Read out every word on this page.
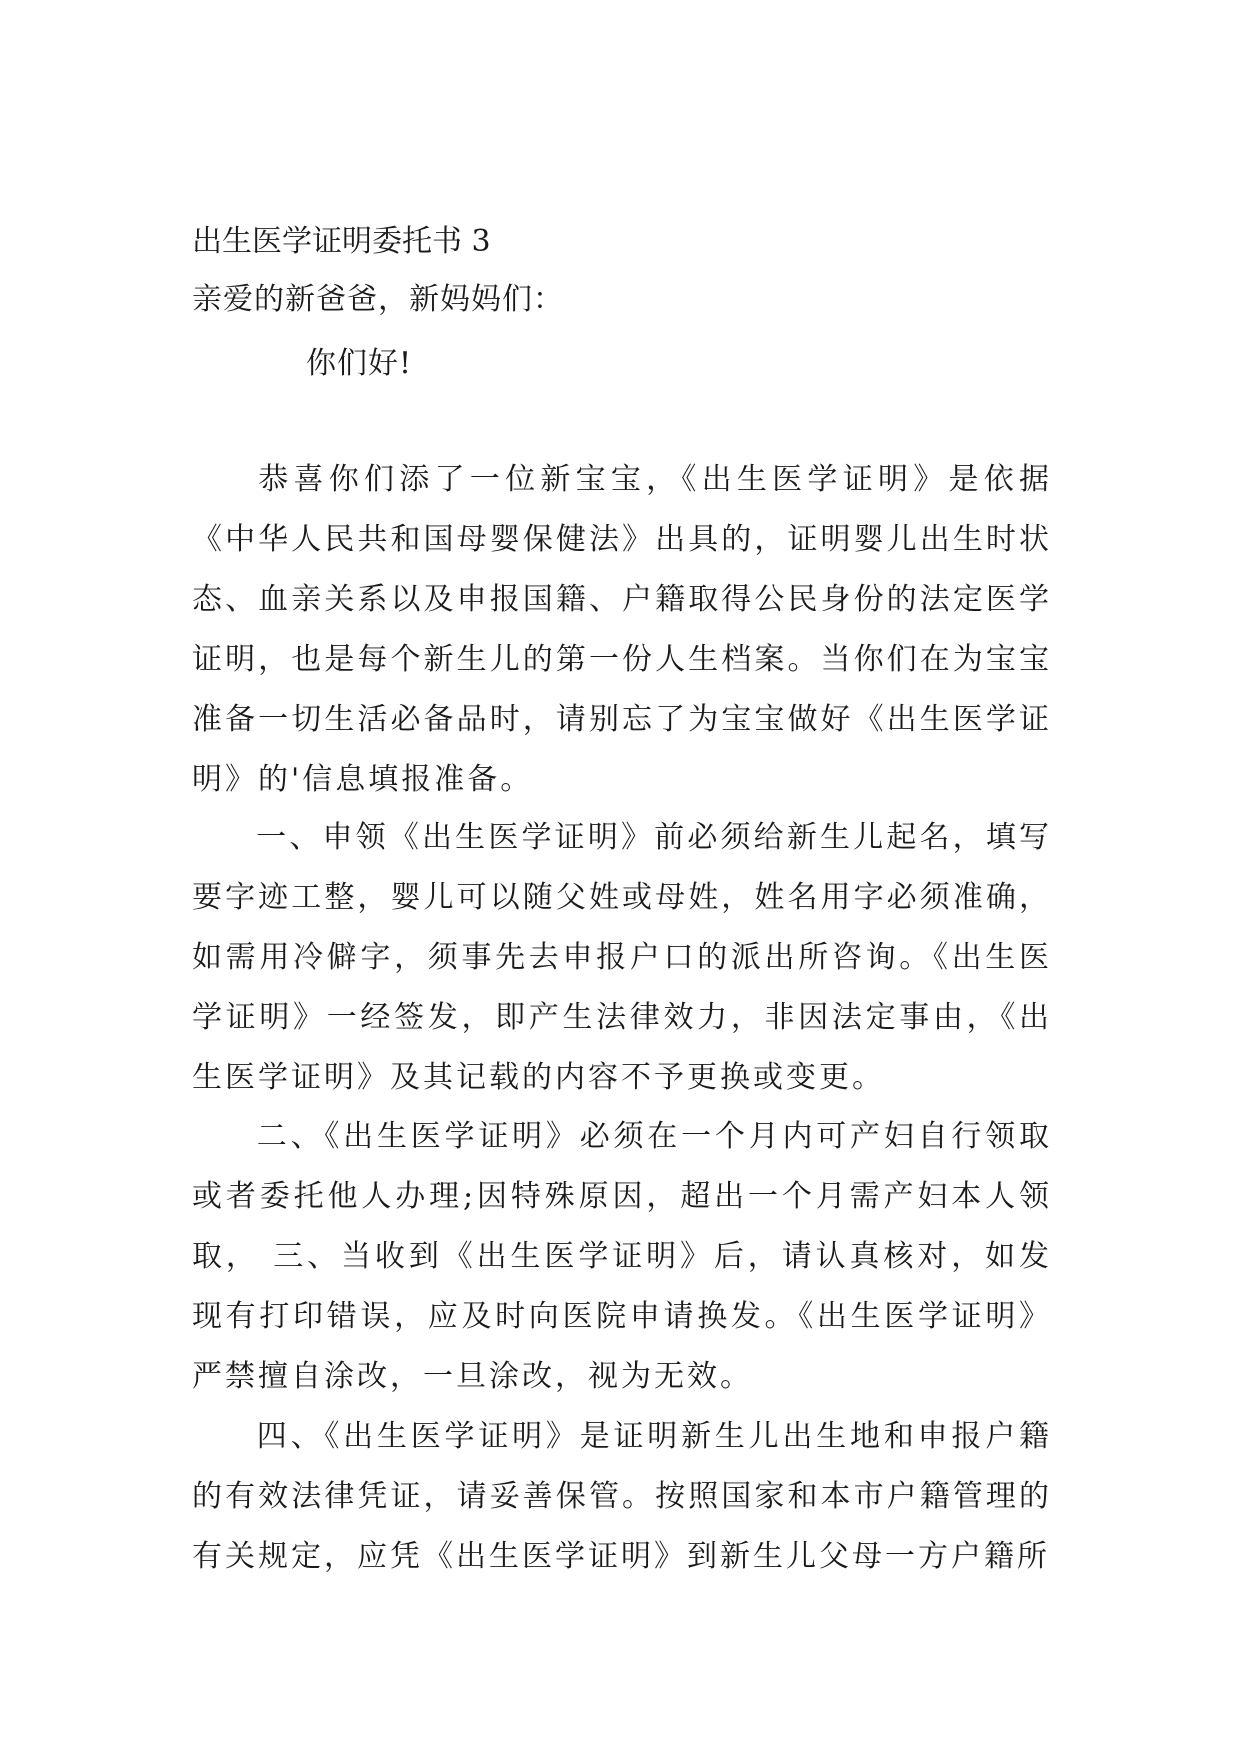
出生医学证明委托书 3
亲爱的新爸爸，新妈妈们：
你们好!
恭喜你们添了一位新宝宝，《出生医学证明》是依据《中华人民共和国母婴保健法》出具的，证明婴儿出生时状态、血亲关系以及申报国籍、户籍取得公民身份的法定医学证明，也是每个新生儿的第一份人生档案。当你们在为宝宝准备一切生活必备品时，请别忘了为宝宝做好《出生医学证明》的'信息填报准备。
一、申领《出生医学证明》前必须给新生儿起名，填写要字迹工整，婴儿可以随父姓或母姓，姓名用字必须准确，如需用冷僻字，须事先去申报户口的派出所咨询。《出生医学证明》一经签发，即产生法律效力，非因法定事由，《出生医学证明》及其记载的内容不予更换或变更。
二、《出生医学证明》必须在一个月内可产妇自行领取或者委托他人办理;因特殊原因，超出一个月需产妇本人领取， 三、当收到《出生医学证明》后，请认真核对，如发现有打印错误，应及时向医院申请换发。《出生医学证明》严禁擅自涂改，一旦涂改，视为无效。
四、《出生医学证明》是证明新生儿出生地和申报户籍的有效法律凭证，请妥善保管。按照国家和本市户籍管理的有关规定，应凭《出生医学证明》到新生儿父母一方户籍所
